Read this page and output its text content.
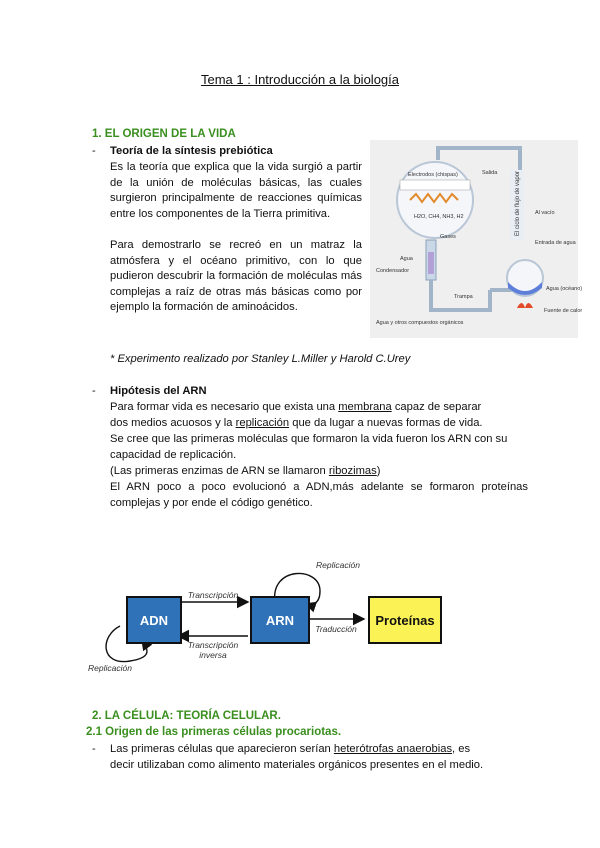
Tema 1 : Introducción a la biología
1. EL ORIGEN DE LA VIDA
- Teoría de la síntesis prebiótica
Es la teoría que explica que la vida surgió a partir de la unión de moléculas básicas, las cuales surgieron principalmente de reacciones químicas entre los componentes de la Tierra primitiva.
Para demostrarlo se recreó en un matraz la atmósfera y el océano primitivo, con lo que pudieron descubrir la formación de moléculas más complejas a raíz de otras más básicas como por ejemplo la formación de aminoácidos.
El ciclo de flujo de vapor
Electrodos (chispas)
H2O, CH4, NH3, H2
Gases
Salida
Al vacío
Entrada de agua
Agua
Agua (océano)
Fuente de calor
Trampa
Condensador
Agua y otros compuestos orgánicos
* Experimento realizado por Stanley L.Miller y Harold C.Urey
- Hipótesis del ARN
Para formar vida es necesario que exista una membrana capaz de separar
dos medios acuosos y la replicación que da lugar a nuevas formas de vida.
Se cree que las primeras moléculas que formaron la vida fueron los ARN con su capacidad de replicación.
(Las primeras enzimas de ARN se llamaron ribozimas)
El ARN poco a poco evolucionó a ADN,más adelante se formaron proteínas complejas y por ende el código genético.
ADN	ARN	Proteínas
Transcripción
Transcripción
inversa
Traducción
Replicación
Replicación
2. LA CÉLULA: TEORÍA CELULAR.
2.1 Origen de las primeras células procariotas.
- Las primeras células que aparecieron serían heterótrofas anaerobias, es
decir utilizaban como alimento materiales orgánicos presentes en el medio.
